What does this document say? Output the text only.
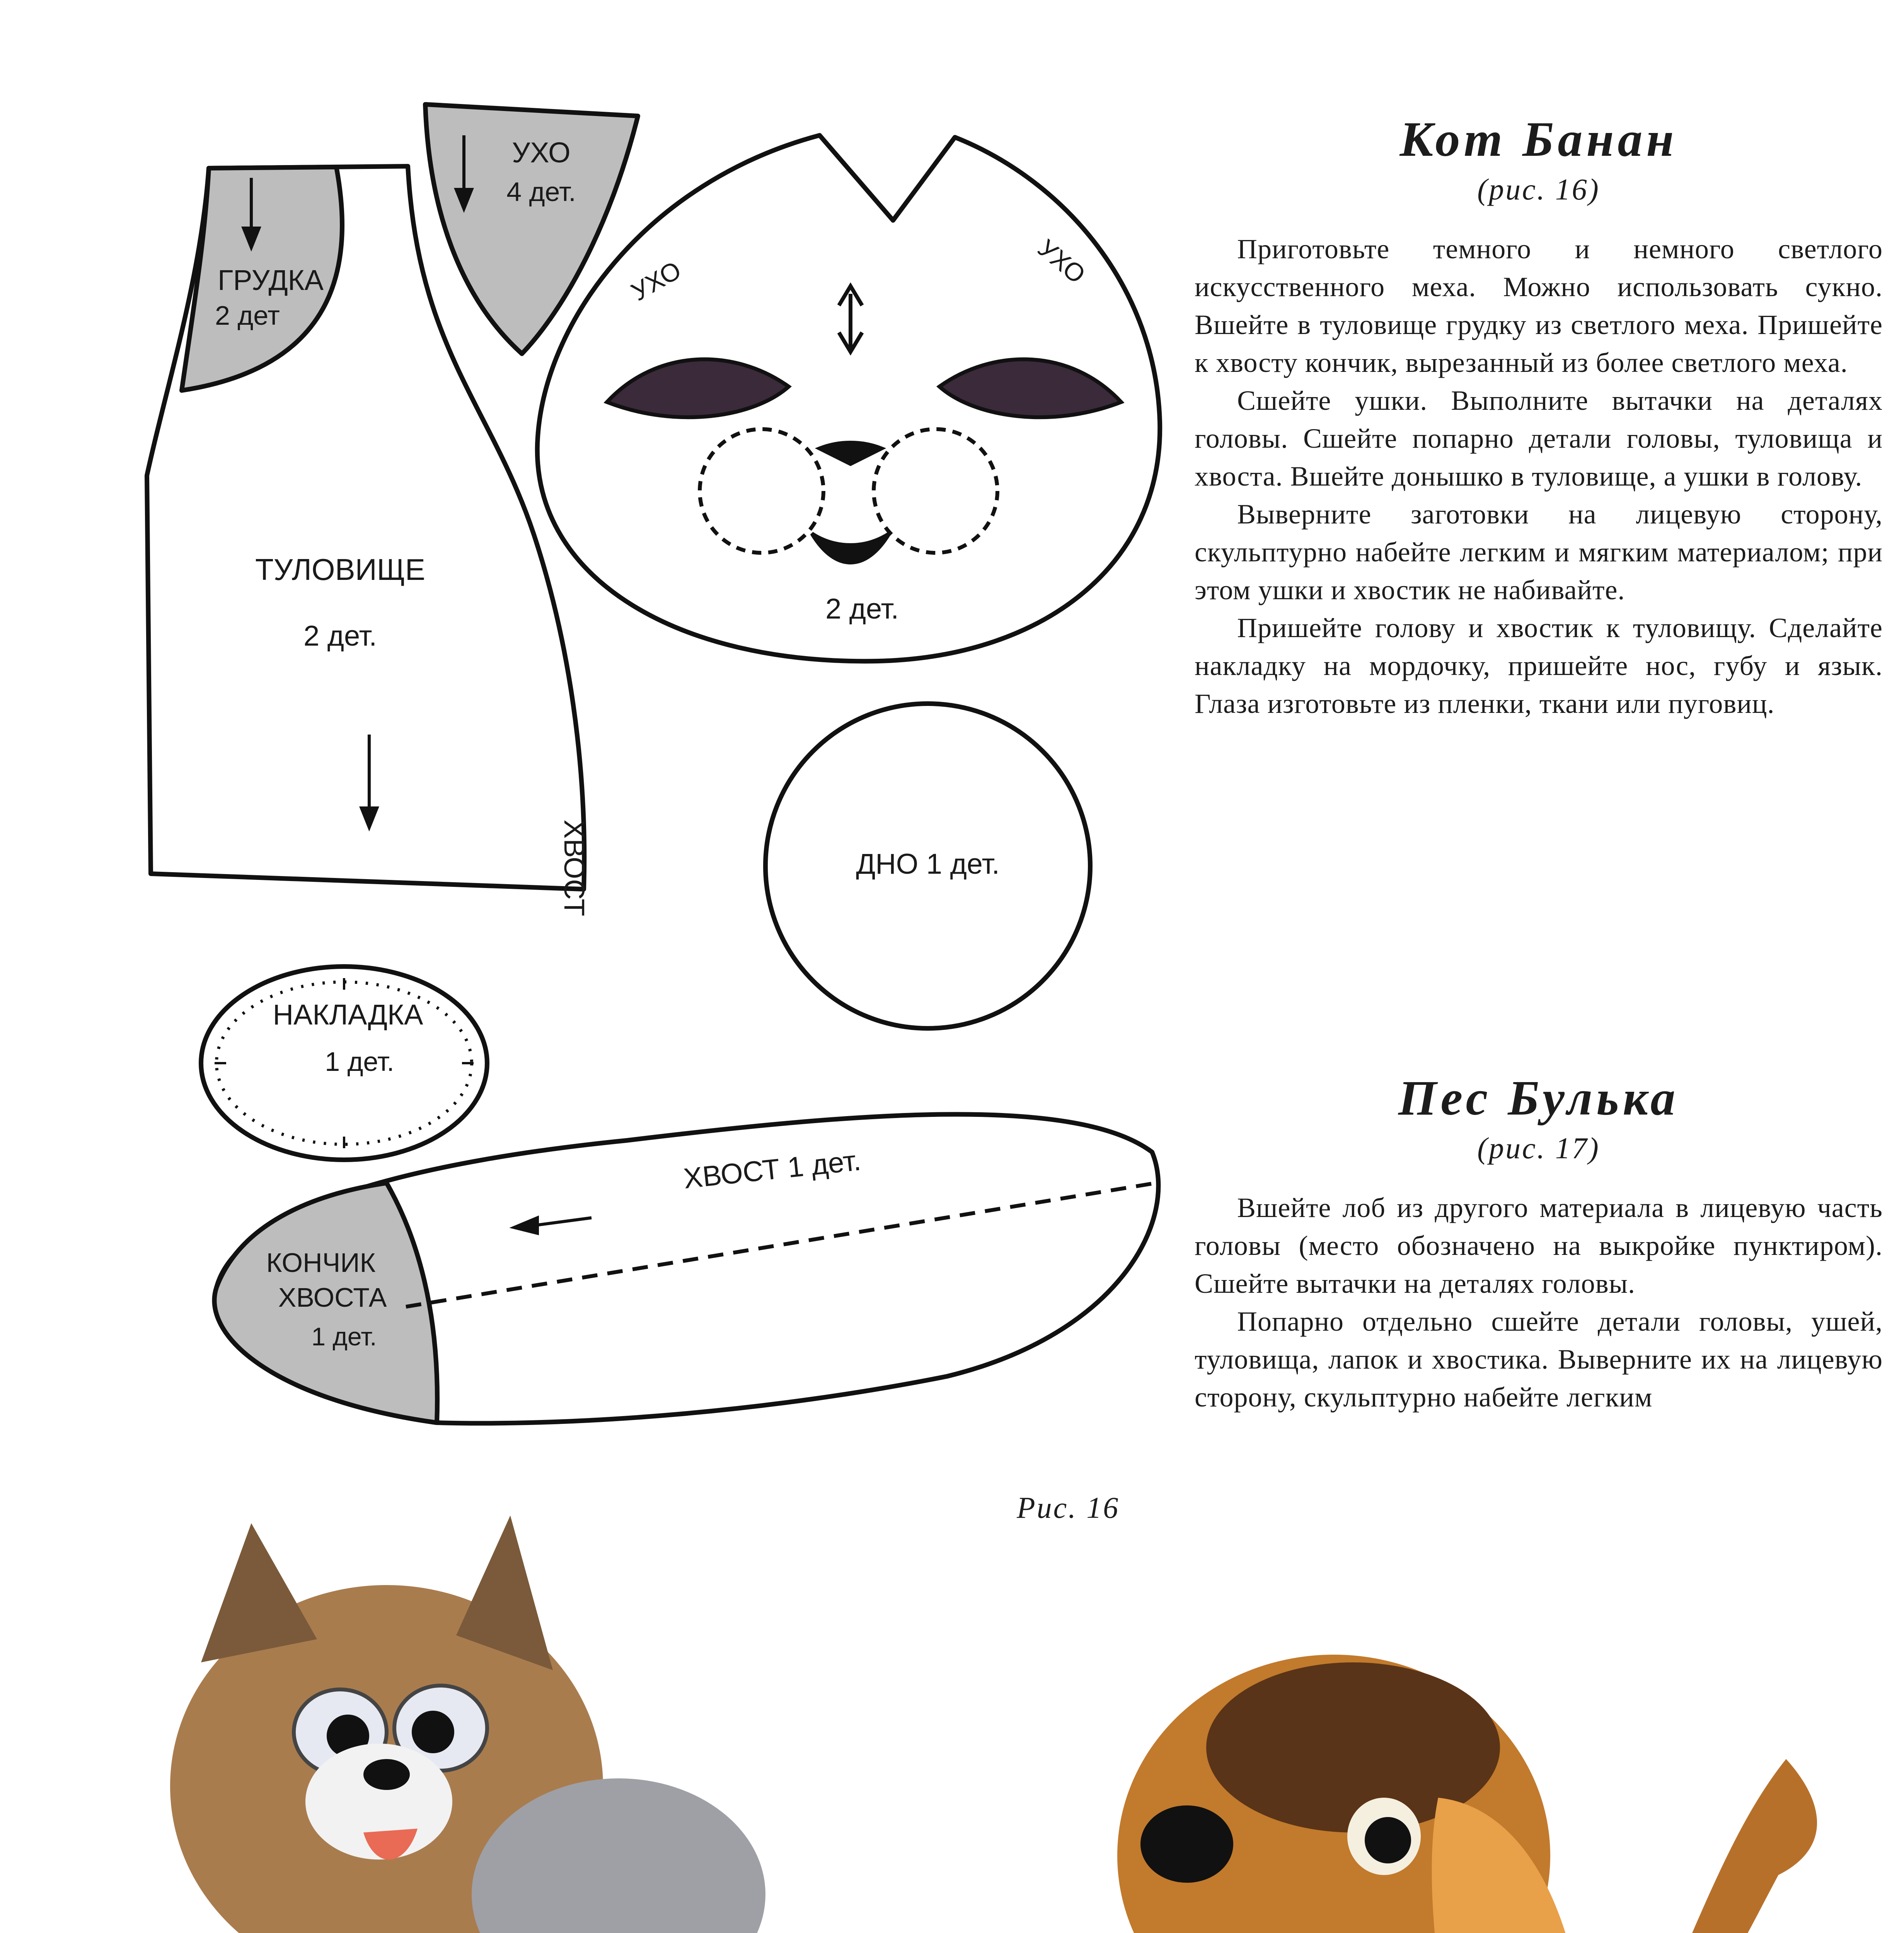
ГРУДКА
2 дет
УХО
4 дет.
ТУЛОВИЩЕ
2 дет.
ХВОСТ
УХО	УХО
2 дет.
ДНО 1 дет.
НАКЛАДКА
1 дет.
ХВОСТ 1 дет.
КОНЧИК
ХВОСТА
1 дет.
Кот Банан
(рис. 16)

Приготовьте темного и немного светлого искусственного меха. Можно использовать сукно. Вшейте в туловище грудку из светлого меха. Пришейте к хвосту кончик, вырезанный из более светлого меха.

Сшейте ушки. Выполните вытачки на деталях головы. Сшейте попарно детали головы, туловища и хвоста. Вшейте донышко в туловище, а ушки в голову.

Выверните заготовки на лицевую сторону, скульптурно набейте легким и мягким материалом; при этом ушки и хвостик не набивайте.

Пришейте голову и хвостик к туловищу. Сделайте накладку на мордочку, пришейте нос, губу и язык. Глаза изготовьте из пленки, ткани или пуговиц.

Пес Булька
(рис. 17)

Вшейте лоб из другого материала в лицевую часть головы (место обозначено на выкройке пунктиром). Сшейте вытачки на деталях головы.

Попарно отдельно сшейте детали головы, ушей, туловища, лапок и хвостика. Выверните их на лицевую сторону, скульптурно набейте легким

Рис. 16
